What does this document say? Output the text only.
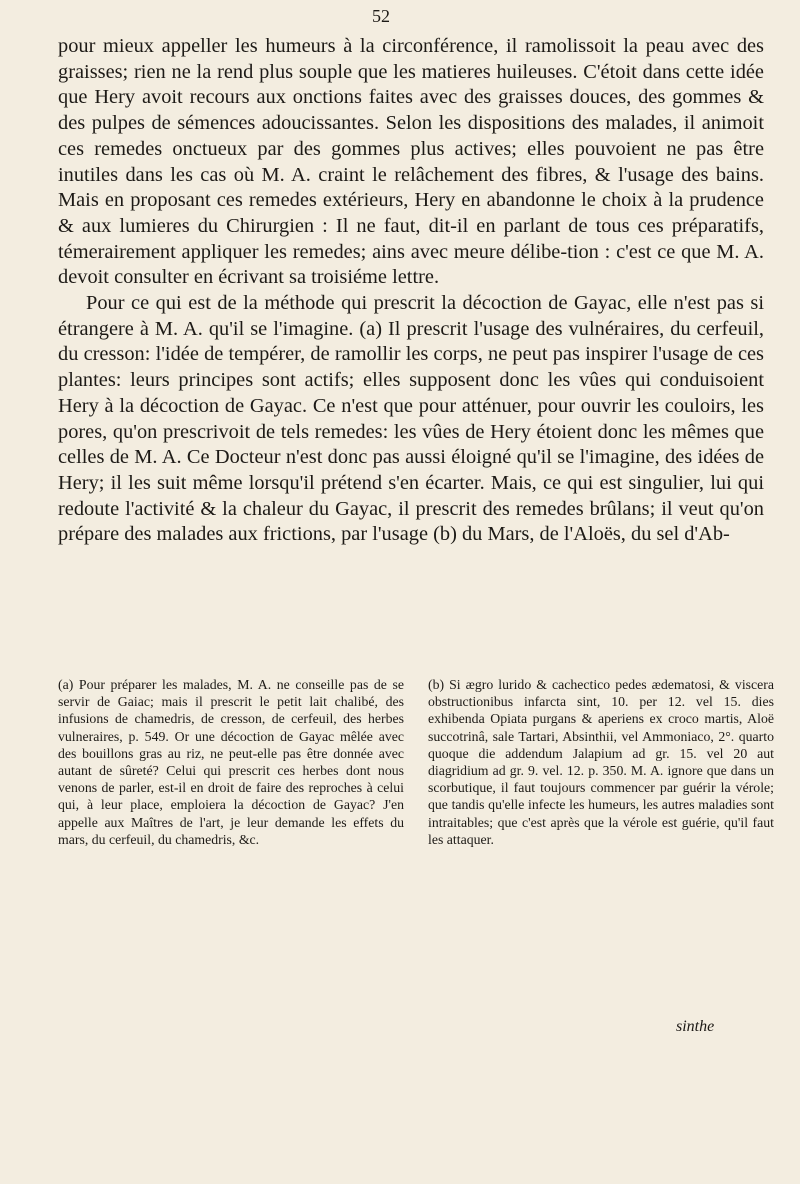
52

pour mieux appeller les humeurs à la circonférence, il ramolissoit la peau avec des graisses; rien ne la rend plus souple que les matieres huileuses. C'étoit dans cette idée que Hery avoit recours aux onctions faites avec des graisses douces, des gommes & des pulpes de sémences adoucissantes. Selon les dispositions des malades, il animoit ces remedes onctueux par des gommes plus actives; elles pouvoient ne pas être inutiles dans les cas où M. A. craint le relâchement des fibres, & l'usage des bains. Mais en proposant ces remedes extérieurs, Hery en abandonne le choix à la prudence & aux lumieres du Chirurgien : Il ne faut, dit-il en parlant de tous ces préparatifs, témerairement appliquer les remedes; ains avec meure délibe-tion : c'est ce que M. A. devoit consulter en écrivant sa troisiéme lettre.

Pour ce qui est de la méthode qui prescrit la décoction de Gayac, elle n'est pas si étrangere à M. A. qu'il se l'imagine. (a) Il prescrit l'usage des vulnéraires, du cerfeuil, du cresson: l'idée de tempérer, de ramollir les corps, ne peut pas inspirer l'usage de ces plantes: leurs principes sont actifs; elles supposent donc les vûes qui conduisoient Hery à la décoction de Gayac. Ce n'est que pour atténuer, pour ouvrir les couloirs, les pores, qu'on prescrivoit de tels remedes: les vûes de Hery étoient donc les mêmes que celles de M. A. Ce Docteur n'est donc pas aussi éloigné qu'il se l'imagine, des idées de Hery; il les suit même lorsqu'il prétend s'en écarter. Mais, ce qui est singulier, lui qui redoute l'activité & la chaleur du Gayac, il prescrit des remedes brûlans; il veut qu'on prépare des malades aux frictions, par l'usage (b) du Mars, de l'Aloës, du sel d'Ab-

(a) Pour préparer les malades, M. A. ne conseille pas de se servir de Gaiac; mais il prescrit le petit lait chalibé, des infusions de chamedris, de cresson, de cerfeuil, des herbes vulneraires, p. 549. Or une décoction de Gayac mêlée avec des bouillons gras au riz, ne peut-elle pas être donnée avec autant de sûreté? Celui qui prescrit ces herbes dont nous venons de parler, est-il en droit de faire des reproches à celui qui, à leur place, emploiera la décoction de Gayac? J'en appelle aux Maîtres de l'art, je leur demande les effets du mars, du cerfeuil, du chamedris, &c.

(b) Si ægro lurido & cachectico pedes ædematosi, & viscera obstructionibus infarcta sint, 10. per 12. vel 15. dies exhibenda Opiata purgans & aperiens ex croco martis, Aloë succotrinâ, sale Tartari, Absinthii, vel Ammoniaco, 2°. quarto quoque die addendum Jalapium ad gr. 15. vel 20 aut diagridium ad gr. 9. vel. 12. p. 350. M. A. ignore que dans un scorbutique, il faut toujours commencer par guérir la vérole; que tandis qu'elle infecte les humeurs, les autres maladies sont intraitables; que c'est après que la vérole est guérie, qu'il faut les attaquer.

sinthe
